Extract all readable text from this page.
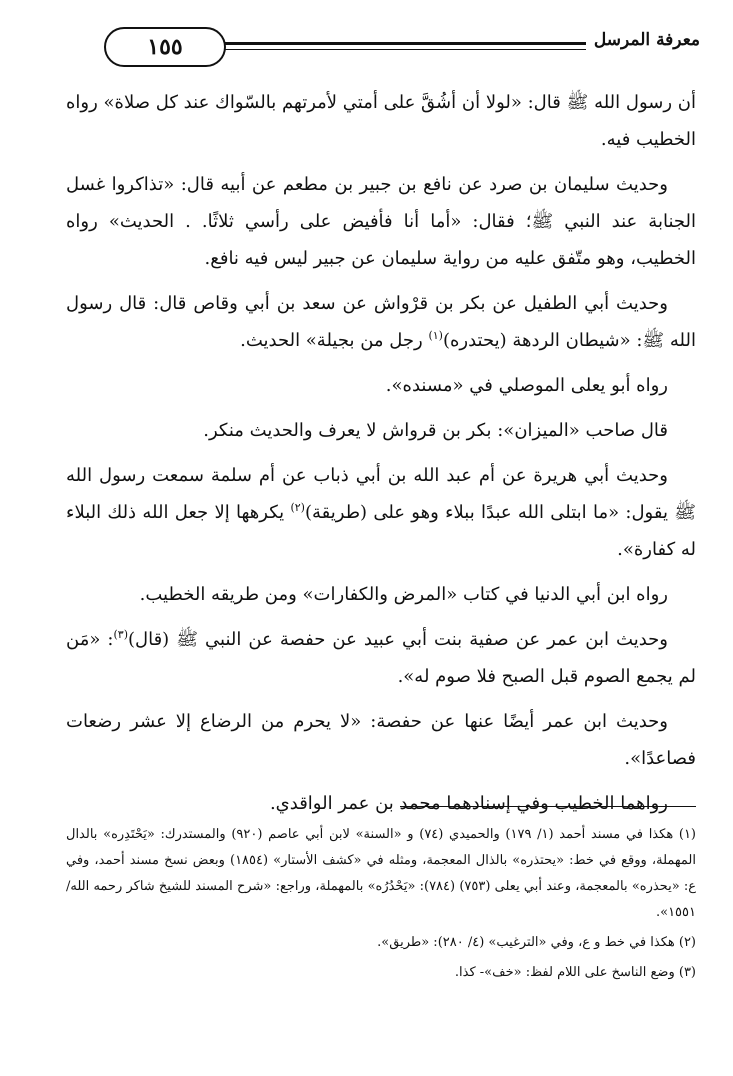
١٥٥	معرفة المرسل

أن رسول الله ﷺ قال: «لولا أن أشُقَّ على أمتي لأمرتهم بالسّواك عند كل صلاة» رواه الخطيب فيه.

وحديث سليمان بن صرد عن نافع بن جبير بن مطعم عن أبيه قال: «تذاكروا غسل الجنابة عند النبي ﷺ؛ فقال: «أما أنا فأفيض على رأسي ثلاثًا. . الحديث» رواه الخطيب، وهو متّفق عليه من رواية سليمان عن جبير ليس فيه نافع.

وحديث أبي الطفيل عن بكر بن قرْواش عن سعد بن أبي وقاص قال: قال رسول الله ﷺ: «شيطان الردهة (يحتدره)$^{(١)}$ رجل من بجيلة» الحديث.

رواه أبو يعلى الموصلي في «مسنده».

قال صاحب «الميزان»: بكر بن قرواش لا يعرف والحديث منكر.

وحديث أبي هريرة عن أم عبد الله بن أبي ذباب عن أم سلمة سمعت رسول الله ﷺ يقول: «ما ابتلى الله عبدًا ببلاء وهو على (طريقة)$^{(٢)}$ يكرهها إلا جعل الله ذلك البلاء له كفارة».

رواه ابن أبي الدنيا في كتاب «المرض والكفارات» ومن طريقه الخطيب.

وحديث ابن عمر عن صفية بنت أبي عبيد عن حفصة عن النبي ﷺ (قال)$^{(٣)}$: «مَن لم يجمع الصوم قبل الصبح فلا صوم له».

وحديث ابن عمر أيضًا عنها عن حفصة: «لا يحرم من الرضاع إلا عشر رضعات فصاعدًا».

رواهما الخطيب وفي إسنادهما محمد بن عمر الواقدي.

(١) هكذا في مسند أحمد (١/ ١٧٩) والحميدي (٧٤) و «السنة» لابن أبي عاصم (٩٢٠) والمستدرك: «يَحْتَدِره» بالدال المهملة، ووقع في خط: «يحتذره» بالذال المعجمة، ومثله في «كشف الأستار» (١٨٥٤) وبعض نسخ مسند أحمد، وفي ع: «يحذره» بالمعجمة، وعند أبي يعلى (٧٥٣) (٧٨٤): «يَحْدُرُه» بالمهملة، وراجع: «شرح المسند للشيخ شاكر رحمه الله/ ١٥٥١».

(٢) هكذا في خط و ع، وفي «الترغيب» (٤/ ٢٨٠): «طريق».

(٣) وضع الناسخ على اللام لفظ: «خف»- كذا.
